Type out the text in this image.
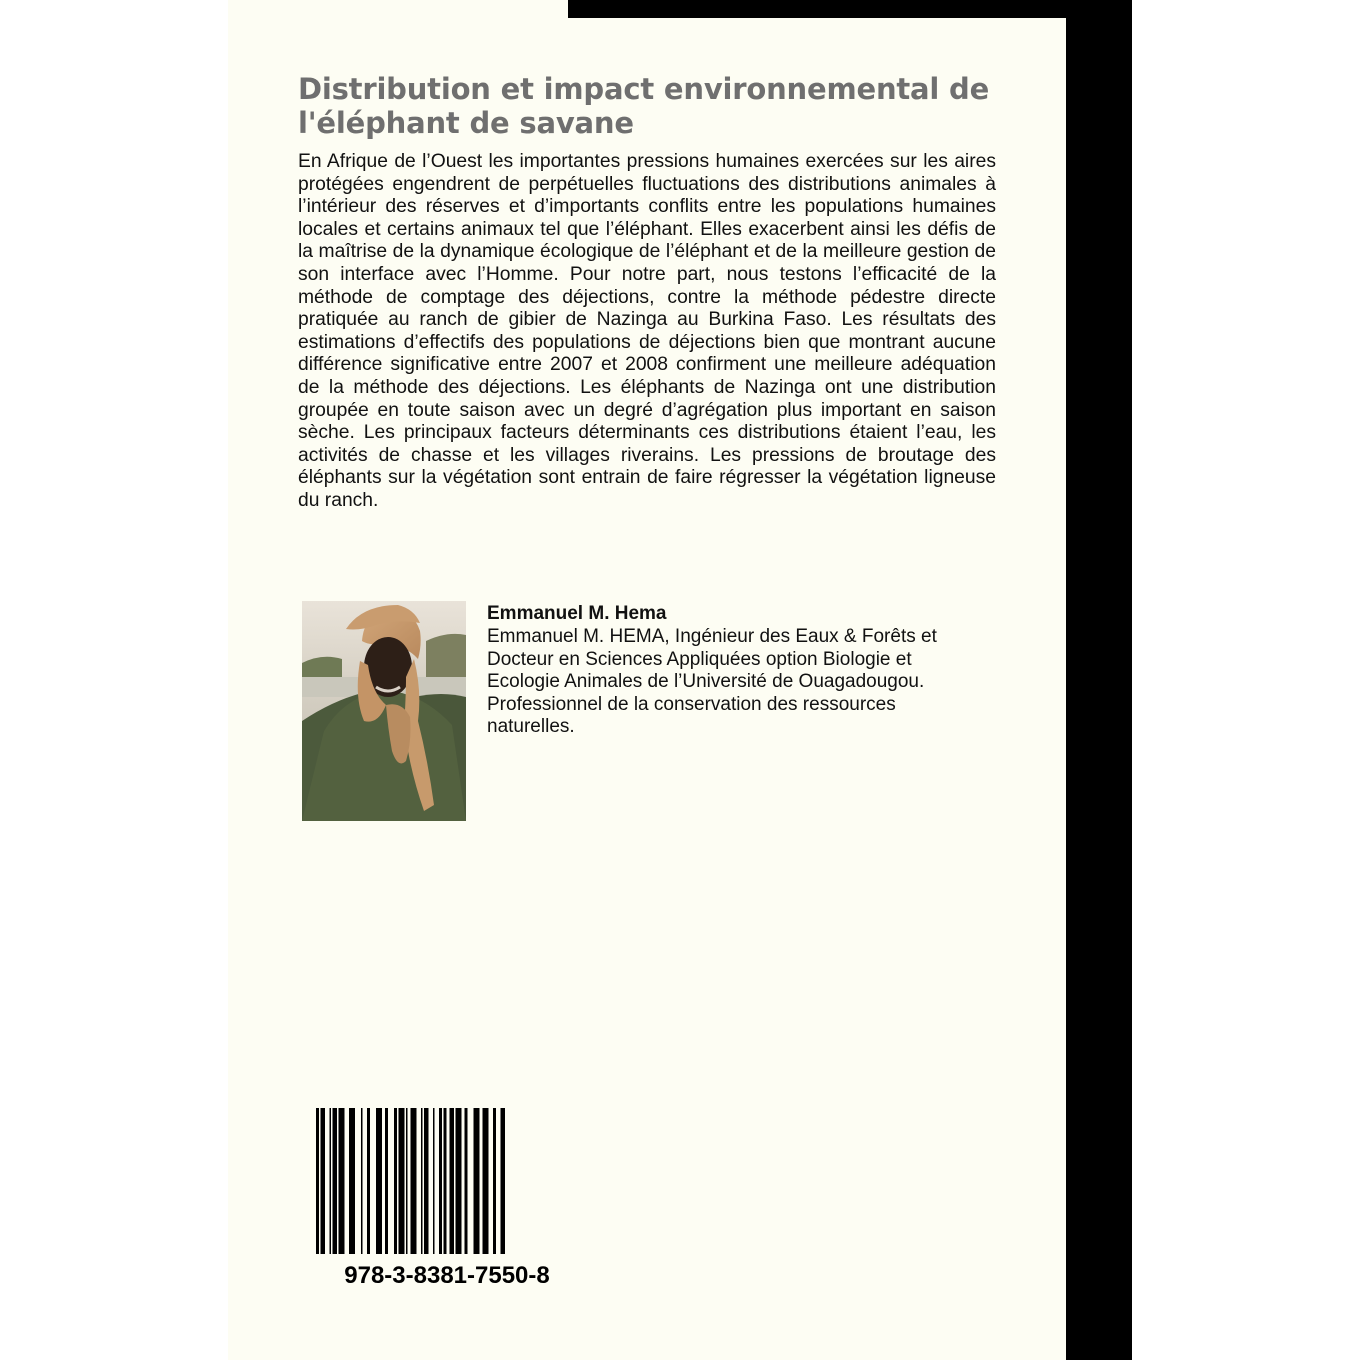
Distribution et impact environnemental de l'éléphant de savane

En Afrique de l’Ouest les importantes pressions humaines exercées sur les aires protégées engendrent de perpétuelles fluctuations des distributions animales à l’intérieur des réserves et d’importants conflits entre les populations humaines locales et certains animaux tel que l’éléphant. Elles exacerbent ainsi les défis de la maîtrise de la dynamique écologique de l’éléphant et de la meilleure gestion de son interface avec l’Homme. Pour notre part, nous testons l’efficacité de la méthode de comptage des déjections, contre la méthode pédestre directe pratiquée au ranch de gibier de Nazinga au Burkina Faso. Les résultats des estimations d’effectifs des populations de déjections bien que montrant aucune différence significative entre 2007 et 2008 confirment une meilleure adéquation de la méthode des déjections. Les éléphants de Nazinga ont une distribution groupée en toute saison avec un degré d’agrégation plus important en saison sèche. Les principaux facteurs déterminants ces distributions étaient l’eau, les activités de chasse et les villages riverains. Les pressions de broutage des éléphants sur la végétation sont entrain de faire régresser la végétation ligneuse du ranch.

Emmanuel M. Hema

Emmanuel M. HEMA, Ingénieur des Eaux & Forêts et
Docteur en Sciences Appliquées option Biologie et
Ecologie Animales de l’Université de Ouagadougou.
Professionnel de la conservation des ressources
naturelles.

978-3-8381-7550-8
